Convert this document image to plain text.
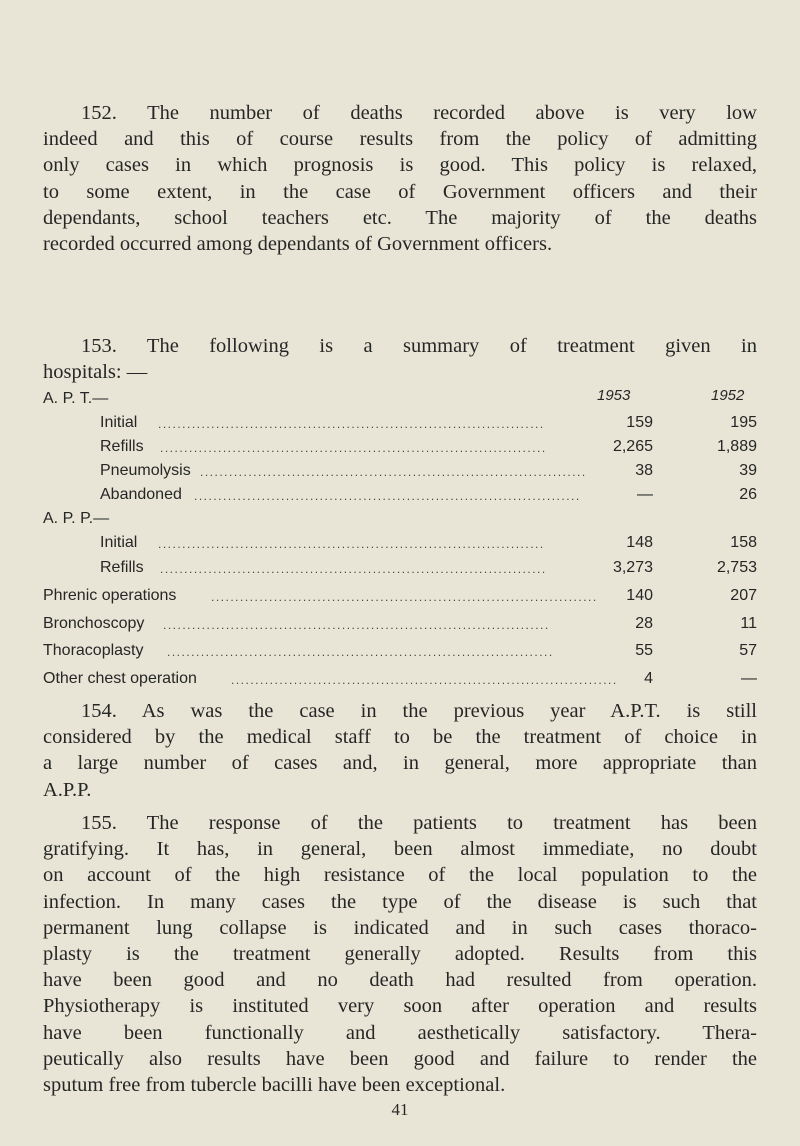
152. The number of deaths recorded above is very low
indeed and this of course results from the policy of admitting
only cases in which prognosis is good. This policy is relaxed,
to some extent, in the case of Government officers and their
dependants, school teachers etc. The majority of the deaths
recorded occurred among dependants of Government officers.
153. The following is a summary of treatment given in
hospitals: —
1953	1952
A. P. T.—
Initial ................................................................................	159	195
Refills ................................................................................	2,265	1,889
Pneumolysis ................................................................................	38	39
Abandoned ................................................................................	—	26
A. P. P.—
Initial ................................................................................	148	158
Refills ................................................................................	3,273	2,753
Phrenic operations	................................................................................ 140	207
Bronchoscopy ................................................................................	28	11
Thoracoplasty ................................................................................	55	57
Other chest operation	................................................................................ 4	—
154. As was the case in the previous year A.P.T. is still
considered by the medical staff to be the treatment of choice in
a large number of cases and, in general, more appropriate than
A.P.P.
155. The response of the patients to treatment has been
gratifying. It has, in general, been almost immediate, no doubt
on account of the high resistance of the local population to the
infection. In many cases the type of the disease is such that
permanent lung collapse is indicated and in such cases thoraco-
plasty is the treatment generally adopted. Results from this
have been good and no death had resulted from operation.
Physiotherapy is instituted very soon after operation and results
have been functionally and aesthetically satisfactory. Thera-
peutically also results have been good and failure to render the
sputum free from tubercle bacilli have been exceptional.
41
